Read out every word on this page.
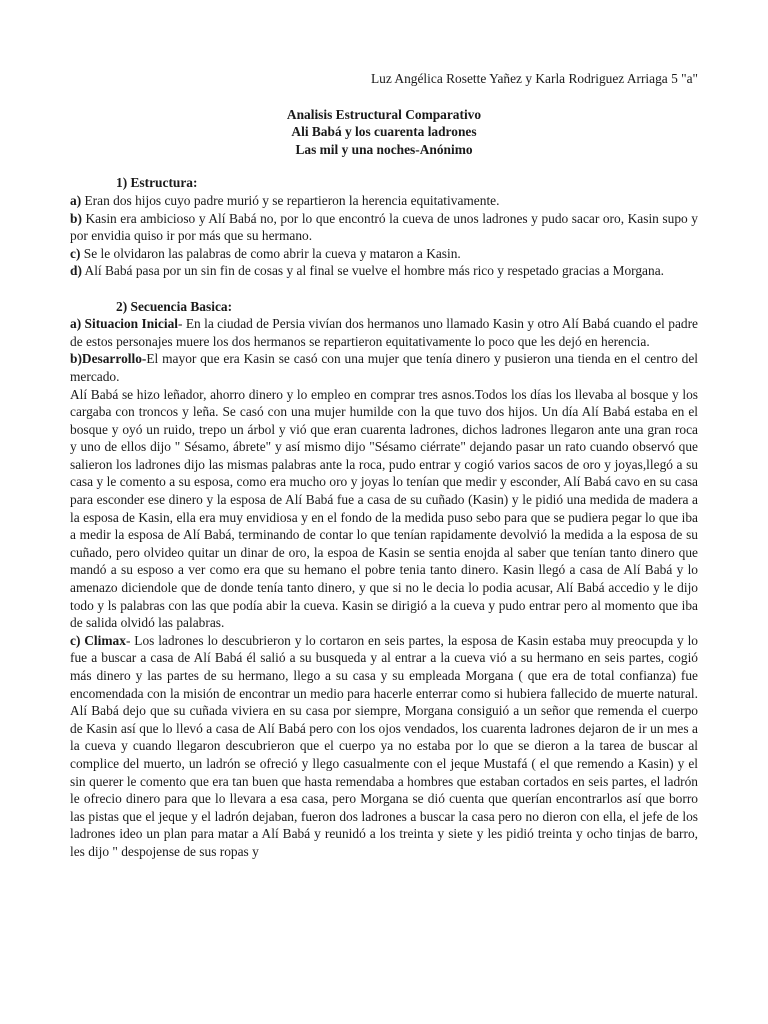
Luz Angélica Rosette Yañez y Karla Rodriguez Arriaga 5 "a"

Analisis Estructural Comparativo
Ali Babá y los cuarenta ladrones
Las mil y una noches-Anónimo

1) Estructura:

a) Eran dos hijos cuyo padre murió y se repartieron la herencia equitativamente.

b) Kasin era ambicioso y Alí Babá no, por lo que encontró la cueva de unos ladrones y pudo sacar oro, Kasin supo y por envidia quiso ir por más que su hermano.

c) Se le olvidaron las palabras de como abrir la cueva y mataron a Kasin.

d) Alí Babá pasa por un sin fin de cosas y al final se vuelve el hombre más rico y respetado gracias a Morgana.

2) Secuencia Basica:

a) Situacion Inicial- En la ciudad de Persia vivían dos hermanos uno llamado Kasin y otro Alí Babá cuando el padre de estos personajes muere los dos hermanos se repartieron equitativamente lo poco que les dejó en herencia.

b)Desarrollo-El mayor que era Kasin se casó con una mujer que tenía dinero y pusieron una tienda en el centro del mercado.

Alí Babá se hizo leñador, ahorro dinero y lo empleo en comprar tres asnos.Todos los días los llevaba al bosque y los cargaba con troncos y leña. Se casó con una mujer humilde con la que tuvo dos hijos. Un día Alí Babá estaba en el bosque y oyó un ruido, trepo un árbol y vió que eran cuarenta ladrones, dichos ladrones llegaron ante una gran roca y uno de ellos dijo " Sésamo, ábrete" y así mismo dijo "Sésamo ciérrate" dejando pasar un rato cuando observó que salieron los ladrones dijo las mismas palabras ante la roca, pudo entrar y cogió varios sacos de oro y joyas,llegó a su casa y le comento a su esposa, como era mucho oro y joyas lo tenían que medir y esconder, Alí Babá cavo en su casa para esconder ese dinero y la esposa de Alí Babá fue a casa de su cuñado (Kasin) y le pidió una medida de madera a la esposa de Kasin, ella era muy envidiosa y en el fondo de la medida puso sebo para que se pudiera pegar lo que iba a medir la esposa de Alí Babá, terminando de contar lo que tenían rapidamente devolvió la medida a la esposa de su cuñado, pero olvideo quitar un dinar de oro, la espoa de Kasin se sentia enojda al saber que tenían tanto dinero que mandó a su esposo a ver como era que su hemano el pobre tenia tanto dinero. Kasin llegó a casa de Alí Babá y lo amenazo diciendole que de donde tenía tanto dinero, y que si no le decia lo podia acusar, Alí Babá accedio y le dijo todo y ls palabras con las que podía abir la cueva. Kasin se dirigió a la cueva y pudo entrar pero al momento que iba de salida olvidó las palabras.

c) Climax- Los ladrones lo descubrieron y lo cortaron en seis partes, la esposa de Kasin estaba muy preocupda y lo fue a buscar a casa de Alí Babá él salió a su busqueda y al entrar a la cueva vió a su hermano en seis partes, cogió más dinero y las partes de su hermano, llego a su casa y su empleada Morgana ( que era de total confianza) fue encomendada con la misión de encontrar un medio para hacerle enterrar como si hubiera fallecido de muerte natural. Alí Babá dejo que su cuñada viviera en su casa por siempre, Morgana consiguió a un señor que remenda el cuerpo de Kasin así que lo llevó a casa de Alí Babá pero con los ojos vendados, los cuarenta ladrones dejaron de ir un mes a la cueva y cuando llegaron descubrieron que el cuerpo ya no estaba por lo que se dieron a la tarea de buscar al complice del muerto, un ladrón se ofreció y llego casualmente con el jeque Mustafá ( el que remendo a Kasin) y el sin querer le comento que era tan buen que hasta remendaba a hombres que estaban cortados en seis partes, el ladrón le ofrecio dinero para que lo llevara a esa casa, pero Morgana se dió cuenta que querían encontrarlos así que borro las pistas que el jeque y el ladrón dejaban, fueron dos ladrones a buscar la casa pero no dieron con ella, el jefe de los ladrones ideo un plan para matar a Alí Babá y reunidó a los treinta y siete y les pidió treinta y ocho tinjas de barro, les dijo " despojense de sus ropas y
